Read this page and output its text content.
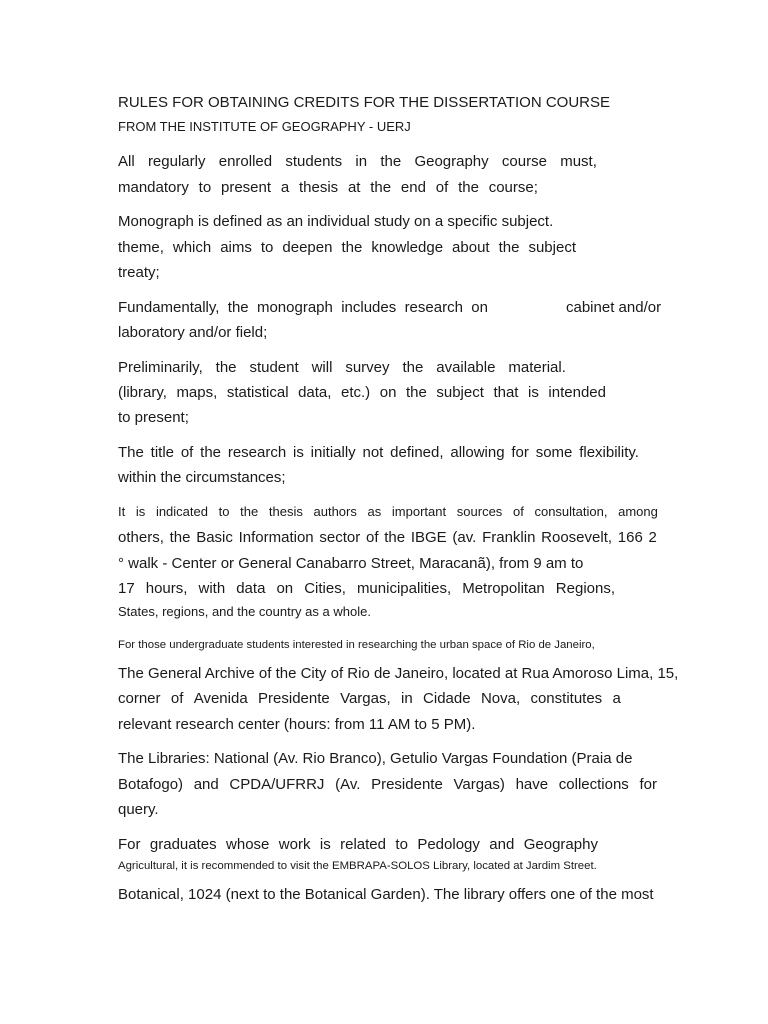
RULES FOR OBTAINING CREDITS FOR THE DISSERTATION COURSE
FROM THE INSTITUTE OF GEOGRAPHY - UERJ
All regularly enrolled students in the Geography course must,
mandatory to present a thesis at the end of the course;
Monograph is defined as an individual study on a specific subject.
theme, which aims to deepen the knowledge about the subject
treaty;
Fundamentally, the monograph includes research on	cabinet and/or
laboratory and/or field;
Preliminarily, the student will survey the available material.
(library, maps, statistical data, etc.) on the subject that is intended
to present;
The title of the research is initially not defined, allowing for some flexibility.
within the circumstances;
It is indicated to the thesis authors as important sources of consultation, among
others, the Basic Information sector of the IBGE (av. Franklin Roosevelt, 166 2
° walk - Center or General Canabarro Street, Maracanã), from 9 am to
17 hours, with data on Cities, municipalities, Metropolitan Regions,
States, regions, and the country as a whole.
For those undergraduate students interested in researching the urban space of Rio de Janeiro,
The General Archive of the City of Rio de Janeiro, located at Rua Amoroso Lima, 15,
corner of Avenida Presidente Vargas, in Cidade Nova, constitutes a
relevant research center (hours: from 11 AM to 5 PM).
The Libraries: National (Av. Rio Branco), Getulio Vargas Foundation (Praia de
Botafogo) and CPDA/UFRRJ (Av. Presidente Vargas) have collections for
query.
For graduates whose work is related to Pedology and Geography
Agricultural, it is recommended to visit the EMBRAPA-SOLOS Library, located at Jardim Street.
Botanical, 1024 (next to the Botanical Garden). The library offers one of the most
